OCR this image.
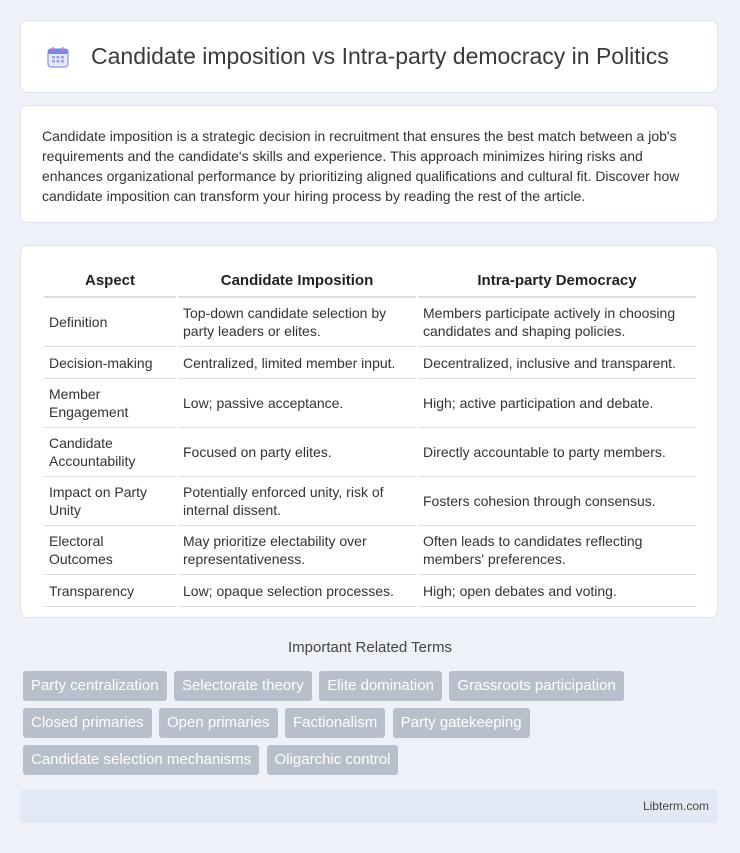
Candidate imposition vs Intra-party democracy in Politics

Candidate imposition is a strategic decision in recruitment that ensures the best match between a job's requirements and the candidate's skills and experience. This approach minimizes hiring risks and enhances organizational performance by prioritizing aligned qualifications and cultural fit. Discover how candidate imposition can transform your hiring process by reading the rest of the article.

Aspect	Candidate Imposition	Intra-party Democracy
Definition	Top-down candidate selection by party leaders or elites.	Members participate actively in choosing candidates and shaping policies.
Decision-making	Centralized, limited member input.	Decentralized, inclusive and transparent.
Member Engagement	Low; passive acceptance.	High; active participation and debate.
Candidate Accountability	Focused on party elites.	Directly accountable to party members.
Impact on Party Unity	Potentially enforced unity, risk of internal dissent.	Fosters cohesion through consensus.
Electoral Outcomes	May prioritize electability over representativeness.	Often leads to candidates reflecting members' preferences.
Transparency	Low; opaque selection processes.	High; open debates and voting.
Important Related Terms
Party centralization Selectorate theory Elite domination Grassroots participation Closed primaries Open primaries Factionalism Party gatekeeping Candidate selection mechanisms Oligarchic control
Libterm.com
